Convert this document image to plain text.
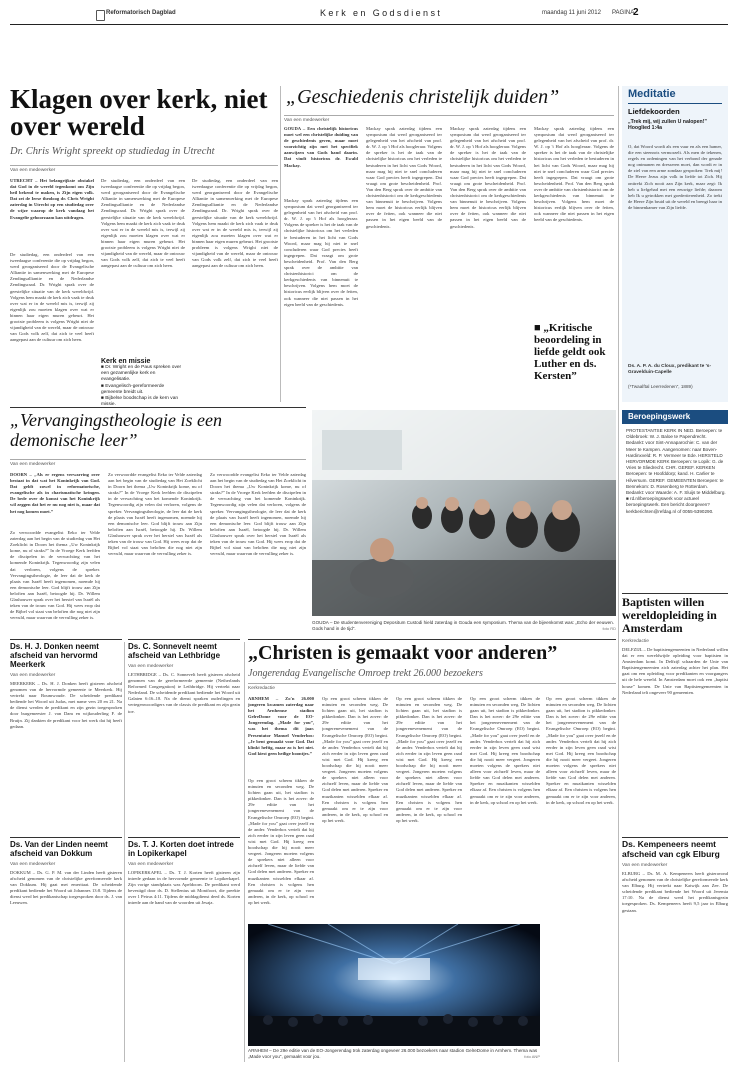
Reformatorisch Dagblad	Kerk en Godsdienst	maandag 11 juni 2012 PAGINA
2
Klagen over kerk, niet over wereld
Dr. Chris Wright spreekt op studiedag in Utrecht
Van een medewerker

UTRECHT – Het belangrijkste obstakel dat God in de wereld tegenkomt om Zijn heil bekend te maken, is Zijn eigen volk. Dat zei de Ierse theoloog dr. Chris Wright zaterdag in Utrecht op een studiedag over de wijze waarop de kerk vandaag het Evangelie gehoorzaam kan uitdragen.

De studiedag, een onderdeel van een tweedaagse conferentie die op vrijdag begon, werd georganiseerd door de Evangelische Alliantie in samenwerking met de Europese Zendingsalliantie en de Nederlandse Zendingsraad. Dr. Wright sprak over de geestelijke situatie van de kerk wereldwijd. Volgens hem maakt de kerk zich vaak te druk over wat er in de wereld mis is, terwijl zij eigenlijk zou moeten klagen over wat er binnen haar eigen muren gebeurt. Het grootste probleem is volgens Wright niet de vijandigheid van de wereld, maar de ontrouw van Gods volk zelf, dat zich te veel heeft aangepast aan de cultuur om zich heen.

De studiedag, een onderdeel van een tweedaagse conferentie die op vrijdag begon, werd georganiseerd door de Evangelische Alliantie in samenwerking met de Europese Zendingsalliantie en de Nederlandse Zendingsraad. Dr. Wright sprak over de geestelijke situatie van de kerk wereldwijd. Volgens hem maakt de kerk zich vaak te druk over wat er in de wereld mis is, terwijl zij eigenlijk zou moeten klagen over wat er binnen haar eigen muren gebeurt. Het grootste probleem is volgens Wright niet de vijandigheid van de wereld, maar de ontrouw van Gods volk zelf, dat zich te veel heeft aangepast aan de cultuur om zich heen.

Kerk en missie
■ Dr. Wright en de Paus spreken over een gezamenlijke kerk en evangelisatie.
■ Evangelisch-gereformeerde gemeente breidt uit.
■ Bijbelse boodschap is de kern van missie.

De studiedag, een onderdeel van een tweedaagse conferentie die op vrijdag begon, werd georganiseerd door de Evangelische Alliantie in samenwerking met de Europese Zendingsalliantie en de Nederlandse Zendingsraad. Dr. Wright sprak over de geestelijke situatie van de kerk wereldwijd. Volgens hem maakt de kerk zich vaak te druk over wat er in de wereld mis is, terwijl zij eigenlijk zou moeten klagen over wat er binnen haar eigen muren gebeurt. Het grootste probleem is volgens Wright niet de vijandigheid van de wereld, maar de ontrouw van Gods volk zelf, dat zich te veel heeft aangepast aan de cultuur om zich heen.

„Geschiedenis christelijk duiden”
Van een medewerker

GOUDA – Een christelijk historicus moet wel een christelijke duiding van de geschiedenis geven, maar moet voorzichtig zijn met het specifiek aanwijzen van Gods hand daarin. Dat vindt historicus dr. Ewald Mackay.

Mackay sprak zaterdag tijdens een symposium dat werd georganiseerd ter gelegenheid van het afscheid van prof. dr. W. J. op 't Hof als hoogleraar. Volgens de spreker is het de taak van de christelijke historicus om het verleden te bestuderen in het licht van Gods Woord, maar mag hij niet te snel concluderen waar God precies heeft ingegrepen. Dat vraagt om grote bescheidenheid. Prof. Van den Berg sprak over de ambitie van christenhistorici om de kerkgeschiedenis van binnenuit te beschrijven. Volgens hem moet de historicus eerlijk blijven over de feiten, ook wanneer die niet passen in het eigen beeld van de geschiedenis.

Mackay sprak zaterdag tijdens een symposium dat werd georganiseerd ter gelegenheid van het afscheid van prof. dr. W. J. op 't Hof als hoogleraar. Volgens de spreker is het de taak van de christelijke historicus om het verleden te bestuderen in het licht van Gods Woord, maar mag hij niet te snel concluderen waar God precies heeft ingegrepen. Dat vraagt om grote bescheidenheid. Prof. Van den Berg sprak over de ambitie van christenhistorici om de kerkgeschiedenis van binnenuit te beschrijven. Volgens hem moet de historicus eerlijk blijven over de feiten, ook wanneer die niet passen in het eigen beeld van de geschiedenis.

Mackay sprak zaterdag tijdens een symposium dat werd georganiseerd ter gelegenheid van het afscheid van prof. dr. W. J. op 't Hof als hoogleraar. Volgens de spreker is het de taak van de christelijke historicus om het verleden te bestuderen in het licht van Gods Woord, maar mag hij niet te snel concluderen waar God precies heeft ingegrepen. Dat vraagt om grote bescheidenheid. Prof. Van den Berg sprak over de ambitie van christenhistorici om de kerkgeschiedenis van binnenuit te beschrijven. Volgens hem moet de historicus eerlijk blijven over de feiten, ook wanneer die niet passen in het eigen beeld van de geschiedenis.

Mackay sprak zaterdag tijdens een symposium dat werd georganiseerd ter gelegenheid van het afscheid van prof. dr. W. J. op 't Hof als hoogleraar. Volgens de spreker is het de taak van de christelijke historicus om het verleden te bestuderen in het licht van Gods Woord, maar mag hij niet te snel concluderen waar God precies heeft ingegrepen. Dat vraagt om grote bescheidenheid. Prof. Van den Berg sprak over de ambitie van christenhistorici om de kerkgeschiedenis van binnenuit te beschrijven. Volgens hem moet de historicus eerlijk blijven over de feiten, ook wanneer die niet passen in het eigen beeld van de geschiedenis.

■ „Kritische beoordeling in liefde geldt ook Luther en ds. Kersten”
Meditatie
Liefdekoorden
„Trek mij, wij zullen U nalopen!” Hooglied 1:4a

O, dat Woord wordt als een vuur en als een hamer, die een steenrots vermorzelt. Als men de tekenen, regels en ordeningen van het verbond der genade nog ontmanen en dresseren moet, dan wordt er in de ziel van een arme zondaar gesproken: Trek mij! De Heere Jezus zijn volk in liefde tot Zich. Hij onttrekt Zich nooit aan Zijn kerk, maar zegt: Ik heb u liefgehad met een eeuwige liefde; daarom heb Ik u getrokken met goedertierenheid. Zo trekt de Heere Zijn bruid uit de wereld en brengt haar in de binnenkamer van Zijn liefde.

Ds. A. P. A. du Cloux, predikant te 's-Gravelduin-Capelle
(*Twaalftal Leerredenen”, 1889)
Beroepingswerk

PROTESTANTSE KERK IN NED. Beroepen: te Oldebroek: W. J. Baloe te Papendrecht. Bedankt: voor Sint-Annaparochie: C. van der Meer te Kampen. Aangenomen: naar Boven-Hardinxveld: R. P. Vermeer te Ede. HERSTELD HERVORMDE KERK Beroepen: te Lopik: G. de Vries te Sliedrecht. CHR. GEREF. KERKEN Beroepen: te Hoofddorp; kand. H. Carlier te Hilversum. GEREF. GEMEENTEN Beroepen: te Bennekom: D. Rosenberg te Rotterdam. Bedankt: voor Waarde: A. F. Sluijs te Middelburg. ■ rd.nl/beroepingswerk voor actueel beroepingswerk. Een bericht doorgeven? kerkberichten@refdag.nl of 0055-5390290.

„Vervangingstheologie is een demonische leer”
Van een medewerker

DOORN – „Als er ergens verwarring over bestaat in dat wat het Koninkrijk van God. Dat geldt zowel in reformatorische, evangelische als in charismatische kringen. De bede over de komst van het Koninkrijk wil zeggen dat het er nu nog niet is, maar dat het nog komen moet.”

Zo verwoordde evangelist Eeko ter Velde zaterdag aan het begin van de studiedag van Het Zoeklicht in Doorn het thema „Uw Koninkrijk kome, nu of straks?” In de Vroege Kerk leefden de discipelen in de verwachting van het komende Koninkrijk. Tegenwoordig zijn velen dat verloren, volgens de spreker. Vervangingstheologie, de leer dat de kerk de plaats van Israël heeft ingenomen, noemde hij een demonische leer. God blijft trouw aan Zijn beloften aan Israël, betoogde hij. Dr. Willem Glashouwer sprak over het herstel van Israël als teken van de trouw van God. Hij wees erop dat de Bijbel vol staat van beloften die nog niet zijn vervuld, maar waarvan de vervulling zeker is.

Zo verwoordde evangelist Eeko ter Velde zaterdag aan het begin van de studiedag van Het Zoeklicht in Doorn het thema „Uw Koninkrijk kome, nu of straks?” In de Vroege Kerk leefden de discipelen in de verwachting van het komende Koninkrijk. Tegenwoordig zijn velen dat verloren, volgens de spreker. Vervangingstheologie, de leer dat de kerk de plaats van Israël heeft ingenomen, noemde hij een demonische leer. God blijft trouw aan Zijn beloften aan Israël, betoogde hij. Dr. Willem Glashouwer sprak over het herstel van Israël als teken van de trouw van God. Hij wees erop dat de Bijbel vol staat van beloften die nog niet zijn vervuld, maar waarvan de vervulling zeker is.

Zo verwoordde evangelist Eeko ter Velde zaterdag aan het begin van de studiedag van Het Zoeklicht in Doorn het thema „Uw Koninkrijk kome, nu of straks?” In de Vroege Kerk leefden de discipelen in de verwachting van het komende Koninkrijk. Tegenwoordig zijn velen dat verloren, volgens de spreker. Vervangingstheologie, de leer dat de kerk de plaats van Israël heeft ingenomen, noemde hij een demonische leer. God blijft trouw aan Zijn beloften aan Israël, betoogde hij. Dr. Willem Glashouwer sprak over het herstel van Israël als teken van de trouw van God. Hij wees erop dat de Bijbel vol staat van beloften die nog niet zijn vervuld, maar waarvan de vervulling zeker is.

GOUDA – De studentenvereniging Depositum Custodi hield zaterdag in Gouda een symposium. Thema van de bijeenkomst was: „Echo der eeuwen. Gods hand in de tijd”.	foto RD
Ds. H. J. Donken neemt afscheid van hervormd Meerkerk
Van een medewerker

MEERKERK – Ds. H. J. Donken heeft gisteren afscheid genomen van de hervormde gemeente te Meerkerk. Hij vertrekt naar Boumwoude. De scheidende predikant bediende het Woord uit Judas, met name vers 20 en 21. Na de dienst werden de predikant en zijn gezin toegesproken door burgemeester J. van Dam en wijkouderling F. de Bruijn. Zij dankten de predikant voor het werk dat hij heeft gedaan.

Ds. C. Sonnevelt neemt afscheid van Lethbridge
Van een medewerker

LETHBRIDGE – Ds. C. Sonnevelt heeft gisteren afscheid genomen van de gereformeerde gemeente (Netherlands Reformed Congregation) te Lethbridge. Hij vertrekt naar Nederland. De scheidende predikant bediende het Woord uit Galaten 6:16–18. Na de dienst spraken ouderlingen en vertegenwoordigers van de classis de predikant en zijn gezin toe.

Ds. Van der Linden neemt afscheid van Dokkum
Van een medewerker

DOKKUM – Ds. G. P. M. van der Linden heeft gisteren afscheid genomen van de christelijke gereformeerde kerk van Dokkum. Hij gaat met emeritaat. De scheidende predikant bediende het Woord uit Johannes 13:8. Tijdens de dienst werd het predikantschap toegesproken door ds. J. van Leeuwen.

Ds. T. J. Korten doet intrede in Lopikerkapel
Van een medewerker

LOPIKERKAPEL – Ds. T. J. Korten heeft gisteren zijn intrede gedaan in de hervormde gemeente te Lopikerkapel. Zijn vorige standplaats was Apeldoorn. De predikant werd bevestigd door ds. D. Stellenius uit Montfoort, die preekte over 1 Petrus 4:11. Tijdens de middagdienst deed ds. Korten intrede aan de hand van de woorden uit Jesaja.

„Christen is gemaakt voor anderen”
Jongerendag Evangelische Omroep trekt 26.000 bezoekers
Kerkredactie

ARNHEM – Zo'n 26.000 jongeren kwamen zaterdag naar het Arnhemse stadion GelreDome voor de EO-Jongerendag. „Made for you”, was het thema dit jaar. Presentator Manuel Venderbos: „Je bent gemaakt voor God. Dat klinkt heftig, maar zo is het niet. God kiest geen heilige boontjes.”

Op een groot scherm tikken de minuten en seconden weg. De lichten gaan uit, het stadion is pikkedonker. Dan is het zover: de 29e editie van het jongerenevenement van de Evangelische Omroep (EO) begint. „Made for you” gaat over jezelf en de ander. Venderbos vertelt dat hij zich eerder in zijn leven geen raad wist met God. Hij kreeg een boodschap die hij nooit meer vergeet. Jongeren moeten volgens de sprekers niet alleen voor zichzelf leven, maar de liefde van God delen met anderen. Spreker en muzikanten wisselden elkaar af. Een christen is volgens hen gemaakt om er te zijn voor anderen, in de kerk, op school en op het werk.

Op een groot scherm tikken de minuten en seconden weg. De lichten gaan uit, het stadion is pikkedonker. Dan is het zover: de 29e editie van het jongerenevenement van de Evangelische Omroep (EO) begint. „Made for you” gaat over jezelf en de ander. Venderbos vertelt dat hij zich eerder in zijn leven geen raad wist met God. Hij kreeg een boodschap die hij nooit meer vergeet. Jongeren moeten volgens de sprekers niet alleen voor zichzelf leven, maar de liefde van God delen met anderen. Spreker en muzikanten wisselden elkaar af. Een christen is volgens hen gemaakt om er te zijn voor anderen, in de kerk, op school en op het werk.

Op een groot scherm tikken de minuten en seconden weg. De lichten gaan uit, het stadion is pikkedonker. Dan is het zover: de 29e editie van het jongerenevenement van de Evangelische Omroep (EO) begint. „Made for you” gaat over jezelf en de ander. Venderbos vertelt dat hij zich eerder in zijn leven geen raad wist met God. Hij kreeg een boodschap die hij nooit meer vergeet. Jongeren moeten volgens de sprekers niet alleen voor zichzelf leven, maar de liefde van God delen met anderen. Spreker en muzikanten wisselden elkaar af. Een christen is volgens hen gemaakt om er te zijn voor anderen, in de kerk, op school en op het werk.

Op een groot scherm tikken de minuten en seconden weg. De lichten gaan uit, het stadion is pikkedonker. Dan is het zover: de 29e editie van het jongerenevenement van de Evangelische Omroep (EO) begint. „Made for you” gaat over jezelf en de ander. Venderbos vertelt dat hij zich eerder in zijn leven geen raad wist met God. Hij kreeg een boodschap die hij nooit meer vergeet. Jongeren moeten volgens de sprekers niet alleen voor zichzelf leven, maar de liefde van God delen met anderen. Spreker en muzikanten wisselden elkaar af. Een christen is volgens hen gemaakt om er te zijn voor anderen, in de kerk, op school en op het werk.

Op een groot scherm tikken de minuten en seconden weg. De lichten gaan uit, het stadion is pikkedonker. Dan is het zover: de 29e editie van het jongerenevenement van de Evangelische Omroep (EO) begint. „Made for you” gaat over jezelf en de ander. Venderbos vertelt dat hij zich eerder in zijn leven geen raad wist met God. Hij kreeg een boodschap die hij nooit meer vergeet. Jongeren moeten volgens de sprekers niet alleen voor zichzelf leven, maar de liefde van God delen met anderen. Spreker en muzikanten wisselden elkaar af. Een christen is volgens hen gemaakt om er te zijn voor anderen, in de kerk, op school en op het werk.

ARNHEM – De 29e editie van de EO-Jongerendag trok zaterdag ongeveer 26.000 bezoekers naar stadion GelreDome in Arnhem. Thema was „Made voor you”, gemaakt voor jou.	foto ANP
Baptisten willen wereldopleiding in Amsterdam
Kerkredactie

DELFZIJL – De baptistengemeenten in Nederland willen dat er een wereldwijde opleiding voor baptisten in Amsterdam komt. In Delfzijl schaarden de Unie van Baptistengemeenten zich zaterdag achter het plan. Het gaat om een opleiding voor predikanten en voorgangers uit de hele wereld. In Amsterdam moet ook een „baptist house” komen. De Unie van Baptistengemeenten in Nederland telt ongeveer 90 gemeenten.

Ds. Kempeneers neemt afscheid van cgk Elburg
Van een medewerker

ELBURG – Ds. M. A. Kempeneers heeft gisteravond afscheid genomen van de christelijke gereformeerde kerk van Elburg. Hij vertrekt naar Katwijk aan Zee. De scheidende predikant bediende het Woord uit Jeremia 17:10. Na de dienst werd het predikantsgezin toegesproken. Ds. Kempeneers heeft 9,5 jaar in Elburg gestaan.
